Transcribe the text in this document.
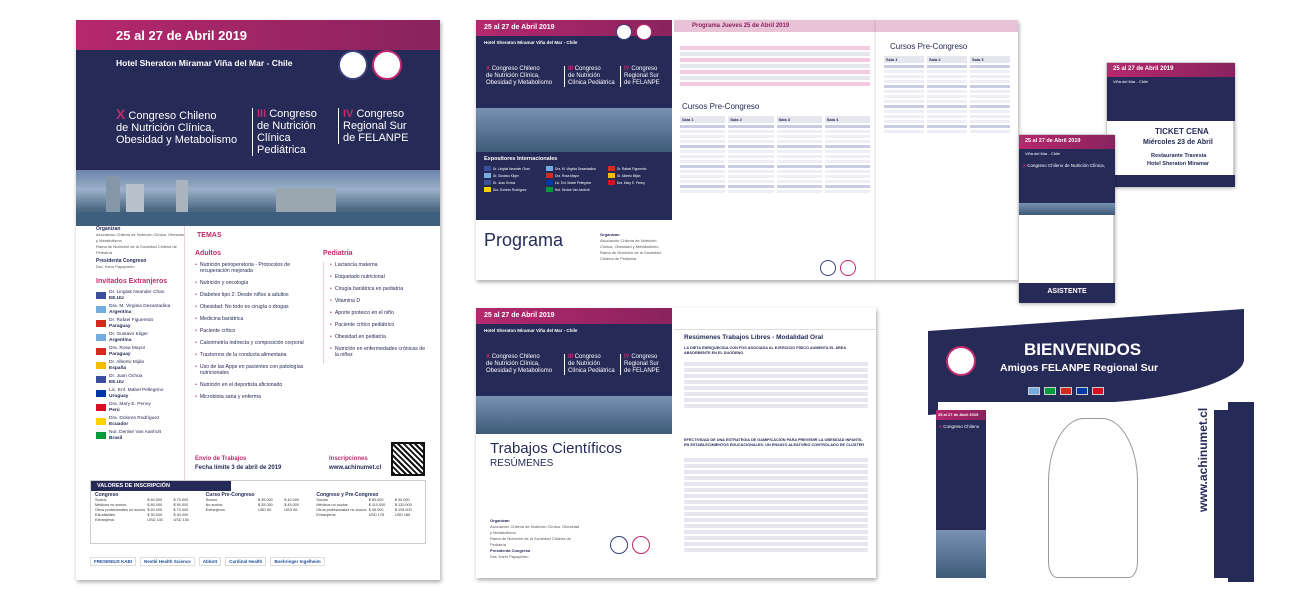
25 al 27 de Abril 2019
Hotel Sheraton Miramar Viña del Mar - Chile
X Congreso Chileno
de Nutrición Clínica,
Obesidad y Metabolismo
III Congreso
de Nutrición
Clínica Pediátrica
IV Congreso
Regional Sur
de FELANPE
Organizan
Asociación Chilena de Nutrición Clínica, Obesidad y Metabolismo
Rama de Nutrición de la Sociedad Chilena de Pediatría
Presidenta Congreso
Dra. Karin Papapietro
Invitados Extranjeros
Dr. Lingtak Neander Chan
EE.UU
Dra. M. Virginia Desantadina
Argentina
Dr. Rafael Figueredo
Paraguay
Dr. Gustavo Kliger
Argentina
Dra. Rosa Mayor
Paraguay
Dr. Alberto Miján
España
Dr. Juan Ochoa
EE.UU
Lic. Enf. Mabel Pellegrino
Uruguay
Dra. Mary E. Penny
Perú
Dra. Dolores Rodríguez
Ecuador
Nut. Denise Van Aanholt
Brasil
TEMAS
Adultos
• Nutrición perioperatoria - Protocolos de recuperación mejorada
• Nutrición y oncología
• Diabetes tipo 2: Desde niños a adultos
• Obesidad: No todo es cirugía o drogas
• Medicina bariátrica
• Paciente crítico
• Calorimetría indirecta y composición corporal
• Trastornos de la conducta alimentaria
• Uso de las Apps en pacientes con patologías nutricionales
• Nutrición en el deportista aficionado
• Microbiota sana y enferma
Pediatría
• Lactancia materna
• Etiquetado nutricional
• Cirugía bariátrica en pediatría
• Vitamina D
• Aporte proteico en el niño
• Paciente crítico pediátrico
• Obesidad en pediatría
• Nutrición en enfermedades crónicas de la niñez
Envío de Trabajos
Fecha límite 3 de abril de 2019
Inscripciones
www.achinumet.cl
VALORES DE INSCRIPCIÓN
Congreso
Socios	$ 60.000	$ 70.000
Médicos no socios	$ 80.000	$ 90.000
Otros profesionales no socios $ 60.000	$ 70.000
Estudiantes	$ 30.000	$ 40.000
Extranjeros	USD 130	USD 150
Curso Pre-Congreso
Socios	$ 35.000	$ 40.000
No socios	$ 35.000	$ 45.000
Extranjeros	USD 60	USD 65
Congreso y Pre-Congreso
Socios	$ 80.000	$ 90.000
Médicos no socios	$ 110.000	$ 120.000
Otros profesionales no socios $ 95.000	$ 105.000
Extranjeros	USD 175	USD 185
FRESENIUS KABI	Nestlé Health Science	Abbott	Cardinal Health	Boehringer Ingelheim
25 al 27 de Abril 2019
Hotel Sheraton Miramar Viña del Mar - Chile
X Congreso Chileno
de Nutrición Clínica,
Obesidad y Metabolismo
III Congreso
de Nutrición
Clínica Pediátrica
IV Congreso
Regional Sur
de FELANPE
Expositores Internacionales
Dr. Lingtak Neander Chan	Dra. M. Virginia Desantadina	Dr. Rafael Figueredo
Dr. Gustavo Kliger	Dra. Rosa Mayor	Dr. Alberto Miján
Dr. Juan Ochoa	Lic. Enf. Mabel Pellegrino	Dra. Mary E. Penny
Dra. Dolores Rodríguez	Nut. Denise Van Aanholt
Programa	Organizan
Asociación Chilena de Nutrición Clínica, Obesidad y Metabolismo
Rama de Nutrición de la Sociedad Chilena de Pediatría
Programa Jueves 25 de Abril 2019
Cursos Pre-Congreso
Sala 1	Sala 2	Sala 3	Sala 4
Cursos Pre-Congreso
Sala 1	Sala 2	Sala 3
25 al 27 de Abril 2019
Hotel Sheraton Miramar Viña del Mar - Chile
X Congreso Chileno
de Nutrición Clínica,
Obesidad y Metabolismo
III Congreso
de Nutrición
Clínica Pediátrica
IV Congreso
Regional Sur
de FELANPE
Trabajos Científicos
RESÚMENES
Organizan
Asociación Chilena de Nutrición Clínica, Obesidad y Metabolismo
Rama de Nutrición de la Sociedad Chilena de Pediatría
Presidenta Congreso
Dra. Karin Papapietro
Resúmenes Trabajos Libres - Modalidad Oral
LA DIETA ENRIQUECIDA CON FOS ASOCIADA AL EJERCICIO FÍSICO AUMENTA EL ÁREA ABSORBENTE EN EL DUODENO
EFECTIVIDAD DE UNA ESTRATEGIA DE GAMIFICACIÓN PARA PREVENIR LA OBESIDAD INFANTIL EN ESTABLECIMIENTOS EDUCACIONALES: UN ENSAYO ALEATORIO CONTROLADO DE CLÚSTER
25 al 27 de Abril 2019
Viña del Mar - Chile
TICKET CENA
Miércoles 23 de Abril
Restaurante Travesía
Hotel Sheraton Miramar
25 al 27 de Abril 2019
Viña del Mar - Chile
X Congreso Chileno de Nutrición Clínica,
ASISTENTE
BIENVENIDOS
Amigos FELANPE Regional Sur
www.achinumet.cl
25 al 27 de Abril 2019
X Congreso Chileno
